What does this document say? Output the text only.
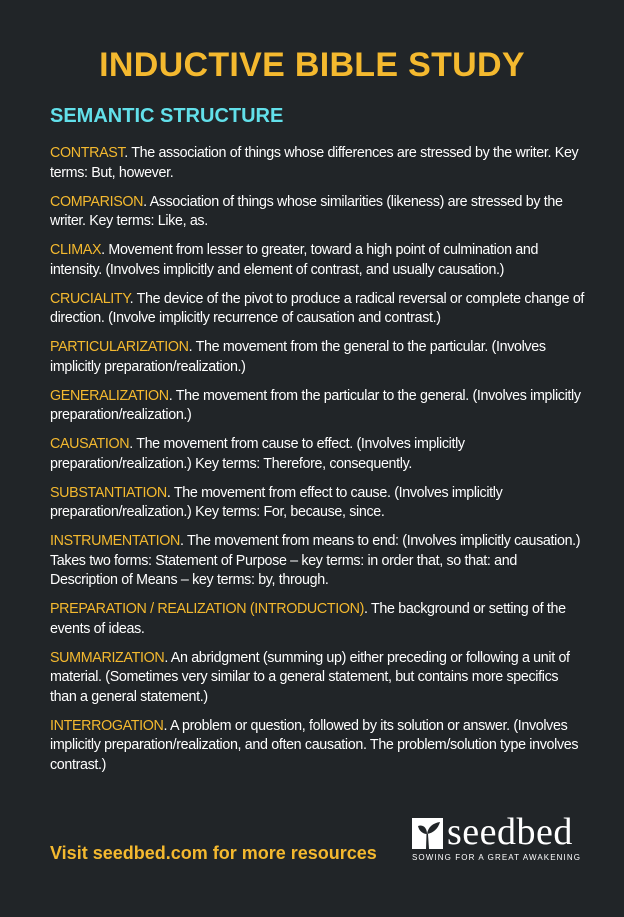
INDUCTIVE BIBLE STUDY
SEMANTIC STRUCTURE
CONTRAST. The association of things whose differences are stressed by the writer. Key terms: But, however.
COMPARISON. Association of things whose similarities (likeness) are stressed by the writer. Key terms: Like, as.
CLIMAX. Movement from lesser to greater, toward a high point of culmination and intensity. (Involves implicitly and element of contrast, and usually causation.)
CRUCIALITY. The device of the pivot to produce a radical reversal or complete change of direction. (Involve implicitly recurrence of causation and contrast.)
PARTICULARIZATION. The movement from the general to the particular. (Involves implicitly preparation/realization.)
GENERALIZATION. The movement from the particular to the general. (Involves implicitly preparation/realization.)
CAUSATION. The movement from cause to effect. (Involves implicitly preparation/realization.) Key terms: Therefore, consequently.
SUBSTANTIATION. The movement from effect to cause. (Involves implicitly preparation/realization.) Key terms: For, because, since.
INSTRUMENTATION. The movement from means to end: (Involves implicitly causation.) Takes two forms: Statement of Purpose – key terms: in order that, so that: and Description of Means – key terms: by, through.
PREPARATION / REALIZATION (INTRODUCTION). The background or setting of the events of ideas.
SUMMARIZATION. An abridgment (summing up) either preceding or following a unit of material. (Sometimes very similar to a general statement, but contains more specifics than a general statement.)
INTERROGATION. A problem or question, followed by its solution or answer. (Involves implicitly preparation/realization, and often causation. The problem/solution type involves contrast.)
Visit seedbed.com for more resources seedbed
SOWING FOR A GREAT AWAKENING
